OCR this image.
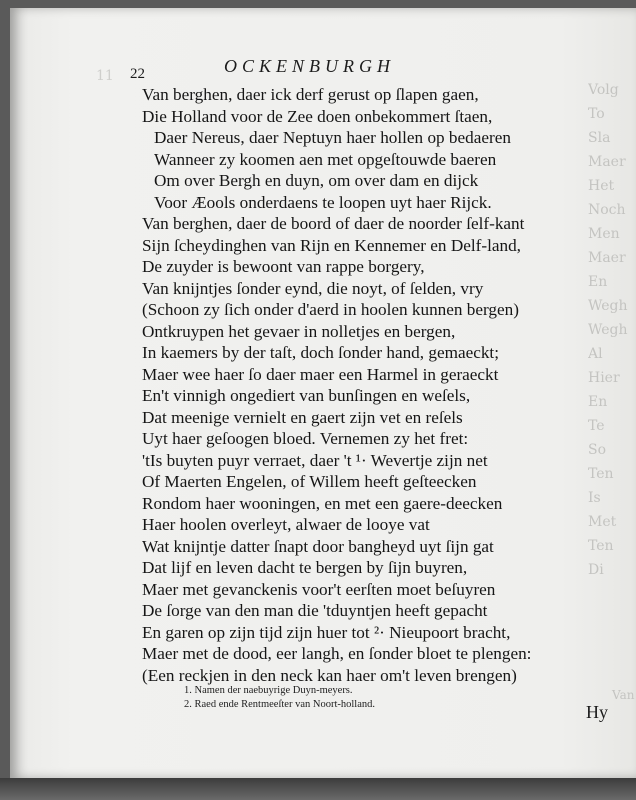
11 22	OCKENBURGH
Volg
To
Sla
Maer
Het
Noch
Men
Maer
En
Wegh
Wegh
Al
Hier
En
Te
So
Ten
Is
Met
Ten
Di
Van berghen, daer ick derf gerust op ſlapen gaen,
Die Holland voor de Zee doen onbekommert ſtaen,
Daer Nereus, daer Neptuyn haer hollen op bedaeren
Wanneer zy koomen aen met opgeſtouwde baeren
Om over Bergh en duyn, om over dam en dijck
Voor Æools onderdaens te loopen uyt haer Rijck.
Van berghen, daer de boord of daer de noorder ſelf-kant
Sijn ſcheydinghen van Rijn en Kennemer en Delf-land,
De zuyder is bewoont van rappe borgery,
Van knijntjes ſonder eynd, die noyt, of ſelden, vry
(Schoon zy ſich onder d'aerd in hoolen kunnen bergen)
Ontkruypen het gevaer in nolletjes en bergen,
In kaemers by der taſt, doch ſonder hand, gemaeckt;
Maer wee haer ſo daer maer een Harmel in geraeckt
En't vinnigh ongediert van bunſingen en weſels,
Dat meenige vernielt en gaert zijn vet en reſels
Uyt haer geſoogen bloed. Vernemen zy het fret:
'tIs buyten puyr verraet, daer 't ¹· Wevertje zijn net
Of Maerten Engelen, of Willem heeft geſteecken
Rondom haer wooningen, en met een gaere-deecken
Haer hoolen overleyt, alwaer de looye vat
Wat knijntje datter ſnapt door bangheyd uyt ſijn gat
Dat lijf en leven dacht te bergen by ſijn buyren,
Maer met gevanckenis voor't eerſten moet beſuyren
De ſorge van den man die 'tduyntjen heeft gepacht
En garen op zijn tijd zijn huer tot ²· Nieupoort bracht,
Maer met de dood, eer langh, en ſonder bloet te plengen:
(Een reckjen in den neck kan haer om't leven brengen)
1. Namen der naebuyrige Duyn-meyers.
2. Raed ende Rentmeeſter van Noort-holland.	Hy
Van
